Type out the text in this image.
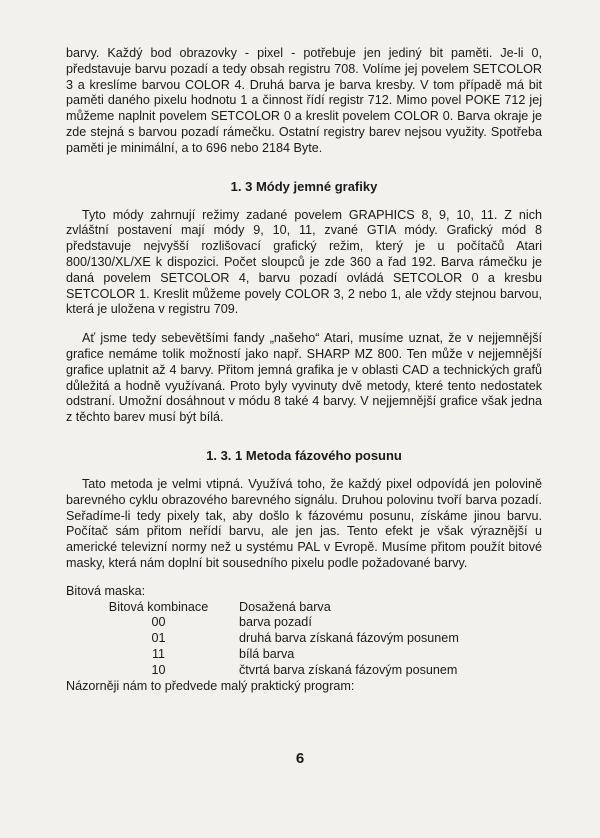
barvy. Každý bod obrazovky - pixel - potřebuje jen jediný bit paměti. Je-li 0, představuje barvu pozadí a tedy obsah registru 708. Volíme jej povelem SETCOLOR 3 a kreslíme barvou COLOR 4. Druhá barva je barva kresby. V tom případě má bit paměti daného pixelu hodnotu 1 a činnost řídí registr 712. Mimo povel POKE 712 jej můžeme naplnit povelem SETCOLOR 0 a kreslit povelem COLOR 0. Barva okraje je zde stejná s barvou pozadí rámečku. Ostatní registry barev nejsou využity. Spotřeba paměti je minimální, a to 696 nebo 2184 Byte.

1. 3 Módy jemné grafiky

Tyto módy zahrnují režimy zadané povelem GRAPHICS 8, 9, 10, 11. Z nich zvláštní postavení mají módy 9, 10, 11, zvané GTIA módy. Grafický mód 8 představuje nejvyšší rozlišovací grafický režim, který je u počítačů Atari 800/130/XL/XE k dispozici. Počet sloupců je zde 360 a řad 192. Barva rámečku je daná povelem SETCOLOR 4, barvu pozadí ovládá SETCOLOR 0 a kresbu SETCOLOR 1. Kreslit můžeme povely COLOR 3, 2 nebo 1, ale vždy stejnou barvou, která je uložena v registru 709.

Ať jsme tedy sebevětšími fandy „našeho“ Atari, musíme uznat, že v nejjemnější grafice nemáme tolik možností jako např. SHARP MZ 800. Ten může v nejjemnější grafice uplatnit až 4 barvy. Přitom jemná grafika je v oblasti CAD a technických grafů důležitá a hodně využívaná. Proto byly vyvinuty dvě metody, které tento nedostatek odstraní. Umožní dosáhnout v módu 8 také 4 barvy. V nejjemnější grafice však jedna z těchto barev musí být bílá.

1. 3. 1 Metoda fázového posunu

Tato metoda je velmi vtipná. Využívá toho, že každý pixel odpovídá jen polovině barevného cyklu obrazového barevného signálu. Druhou polovinu tvoří barva pozadí. Seřadíme-li tedy pixely tak, aby došlo k fázovému posunu, získáme jinou barvu. Počítač sám přitom neřídí barvu, ale jen jas. Tento efekt je však výraznější u americké televizní normy než u systému PAL v Evropě. Musíme přitom použít bitové masky, která nám doplní bit sousedního pixelu podle požadované barvy.

Bitová maska:
Bitová kombinace	Dosažená barva
00	barva pozadí
01	druhá barva získaná fázovým posunem
11	bílá barva
10	čtvrtá barva získaná fázovým posunem

Názorněji nám to předvede malý praktický program:

6
